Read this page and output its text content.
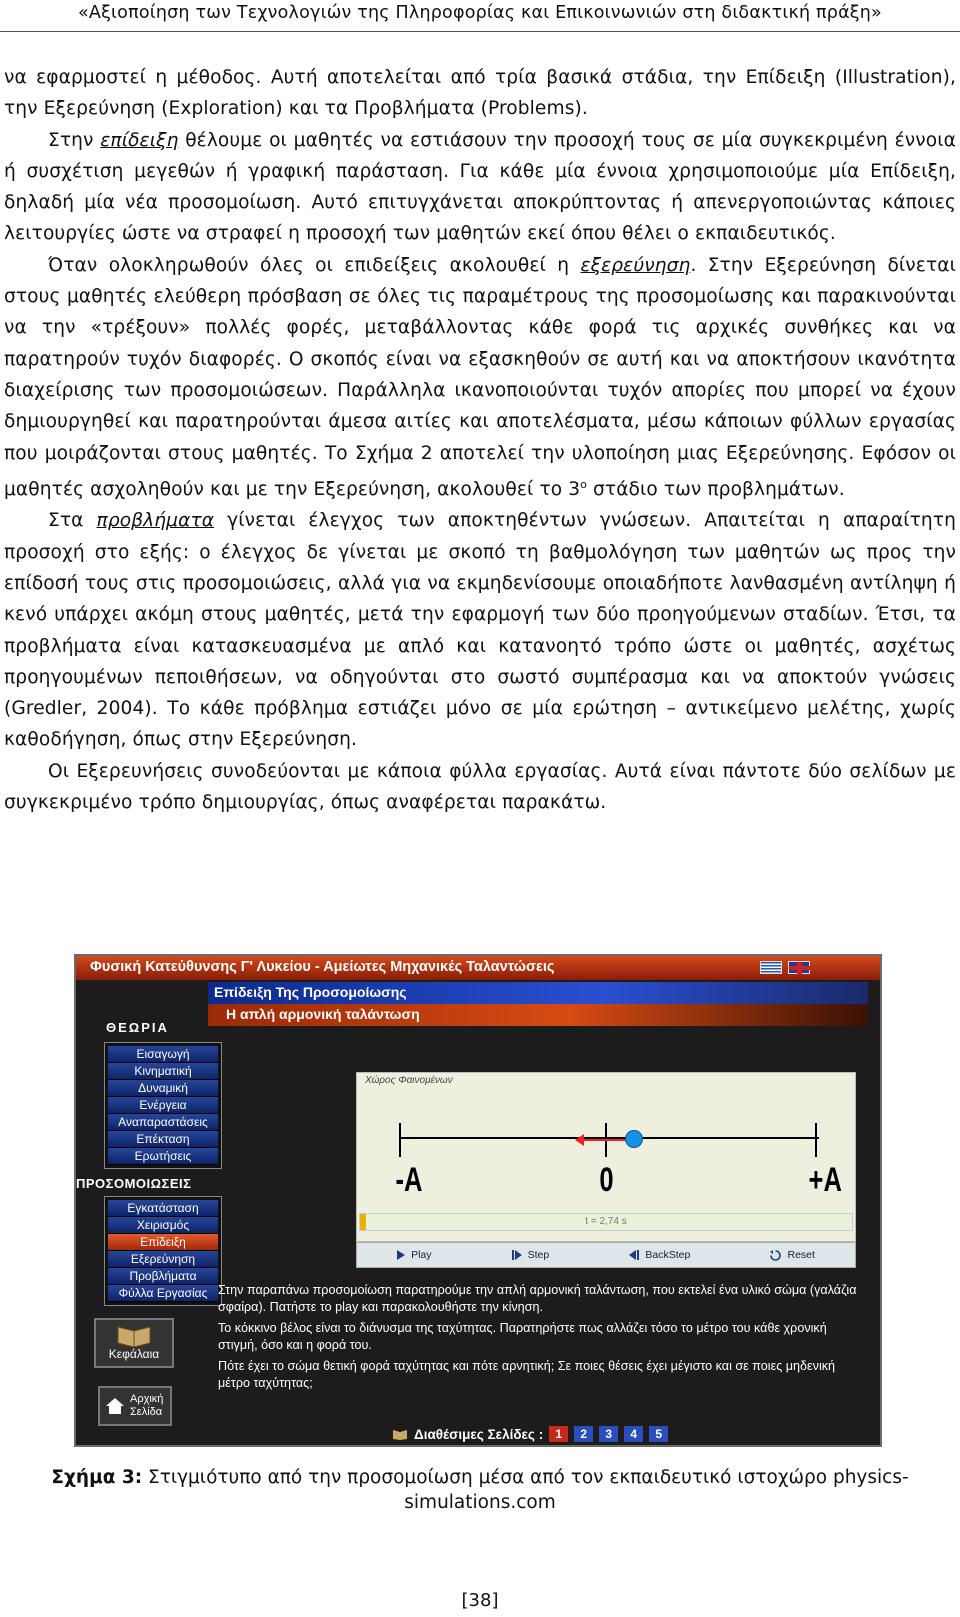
«Αξιοποίηση των Τεχνολογιών της Πληροφορίας και Επικοινωνιών στη διδακτική πράξη»

να εφαρμοστεί η μέθοδος. Αυτή αποτελείται από τρία βασικά στάδια, την Επίδειξη (Illustration), την Εξερεύνηση (Exploration) και τα Προβλήματα (Problems).

Στην επίδειξη θέλουμε οι μαθητές να εστιάσουν την προσοχή τους σε μία συγκεκριμένη έννοια ή συσχέτιση μεγεθών ή γραφική παράσταση. Για κάθε μία έννοια χρησιμοποιούμε μία Επίδειξη, δηλαδή μία νέα προσομοίωση. Αυτό επιτυγχάνεται αποκρύπτοντας ή απενεργοποιώντας κάποιες λειτουργίες ώστε να στραφεί η προσοχή των μαθητών εκεί όπου θέλει ο εκπαιδευτικός.

Όταν ολοκληρωθούν όλες οι επιδείξεις ακολουθεί η εξερεύνηση. Στην Εξερεύνηση δίνεται στους μαθητές ελεύθερη πρόσβαση σε όλες τις παραμέτρους της προσομοίωσης και παρακινούνται να την «τρέξουν» πολλές φορές, μεταβάλλοντας κάθε φορά τις αρχικές συνθήκες και να παρατηρούν τυχόν διαφορές. Ο σκοπός είναι να εξασκηθούν σε αυτή και να αποκτήσουν ικανότητα διαχείρισης των προσομοιώσεων. Παράλληλα ικανοποιούνται τυχόν απορίες που μπορεί να έχουν δημιουργηθεί και παρατηρούνται άμεσα αιτίες και αποτελέσματα, μέσω κάποιων φύλλων εργασίας που μοιράζονται στους μαθητές. Το Σχήμα 2 αποτελεί την υλοποίηση μιας Εξερεύνησης. Εφόσον οι μαθητές ασχοληθούν και με την Εξερεύνηση, ακολουθεί το $3^o$ στάδιο των προβλημάτων.

Στα προβλήματα γίνεται έλεγχος των αποκτηθέντων γνώσεων. Απαιτείται η απαραίτητη προσοχή στο εξής: ο έλεγχος δε γίνεται με σκοπό τη βαθμολόγηση των μαθητών ως προς την επίδοσή τους στις προσομοιώσεις, αλλά για να εκμηδενίσουμε οποιαδήποτε λανθασμένη αντίληψη ή κενό υπάρχει ακόμη στους μαθητές, μετά την εφαρμογή των δύο προηγούμενων σταδίων. Έτσι, τα προβλήματα είναι κατασκευασμένα με απλό και κατανοητό τρόπο ώστε οι μαθητές, ασχέτως προηγουμένων πεποιθήσεων, να οδηγούνται στο σωστό συμπέρασμα και να αποκτούν γνώσεις (Gredler, 2004). Το κάθε πρόβλημα εστιάζει μόνο σε μία ερώτηση – αντικείμενο μελέτης, χωρίς καθοδήγηση, όπως στην Εξερεύνηση.

Οι Εξερευνήσεις συνοδεύονται με κάποια φύλλα εργασίας. Αυτά είναι πάντοτε δύο σελίδων με συγκεκριμένο τρόπο δημιουργίας, όπως αναφέρεται παρακάτω.

Φυσική Κατεύθυνσης Γ' Λυκείου - Αμείωτες Μηχανικές Ταλαντώσεις
Επίδειξη Της Προσομοίωσης
Η απλή αρμονική ταλάντωση
ΘΕΩΡΙΑ
Εισαγωγή
Κινηματική
Δυναμική
Ενέργεια
Αναπαραστάσεις
Επέκταση
Ερωτήσεις
ΠΡΟΣΟΜΟΙΩΣΕΙΣ
Εγκατάσταση
Χειρισμός
Επίδειξη
Εξερεύνηση
Προβλήματα
Φύλλα Εργασίας
Κεφάλαια
Αρχική
Σελίδα
Χώρος Φαινομένων
-A	0	+A
t = 2,74 s
Play	Step	BackStep	Reset

Στην παραπάνω προσομοίωση παρατηρούμε την απλή αρμονική ταλάντωση, που εκτελεί ένα υλικό σώμα (γαλάζια σφαίρα). Πατήστε το play και παρακολουθήστε την κίνηση.

Το κόκκινο βέλος είναι το διάνυσμα της ταχύτητας. Παρατηρήστε πως αλλάζει τόσο το μέτρο του κάθε χρονική στιγμή, όσο και η φορά του.

Πότε έχει το σώμα θετική φορά ταχύτητας και πότε αρνητική; Σε ποιες θέσεις έχει μέγιστο και σε ποιες μηδενική μέτρο ταχύτητας;

Διαθέσιμες Σελίδες :	1	2	3	4	5
Σχήμα 3: Στιγμιότυπο από την προσομοίωση μέσα από τον εκπαιδευτικό ιστοχώρο physics-simulations.com
[38]
